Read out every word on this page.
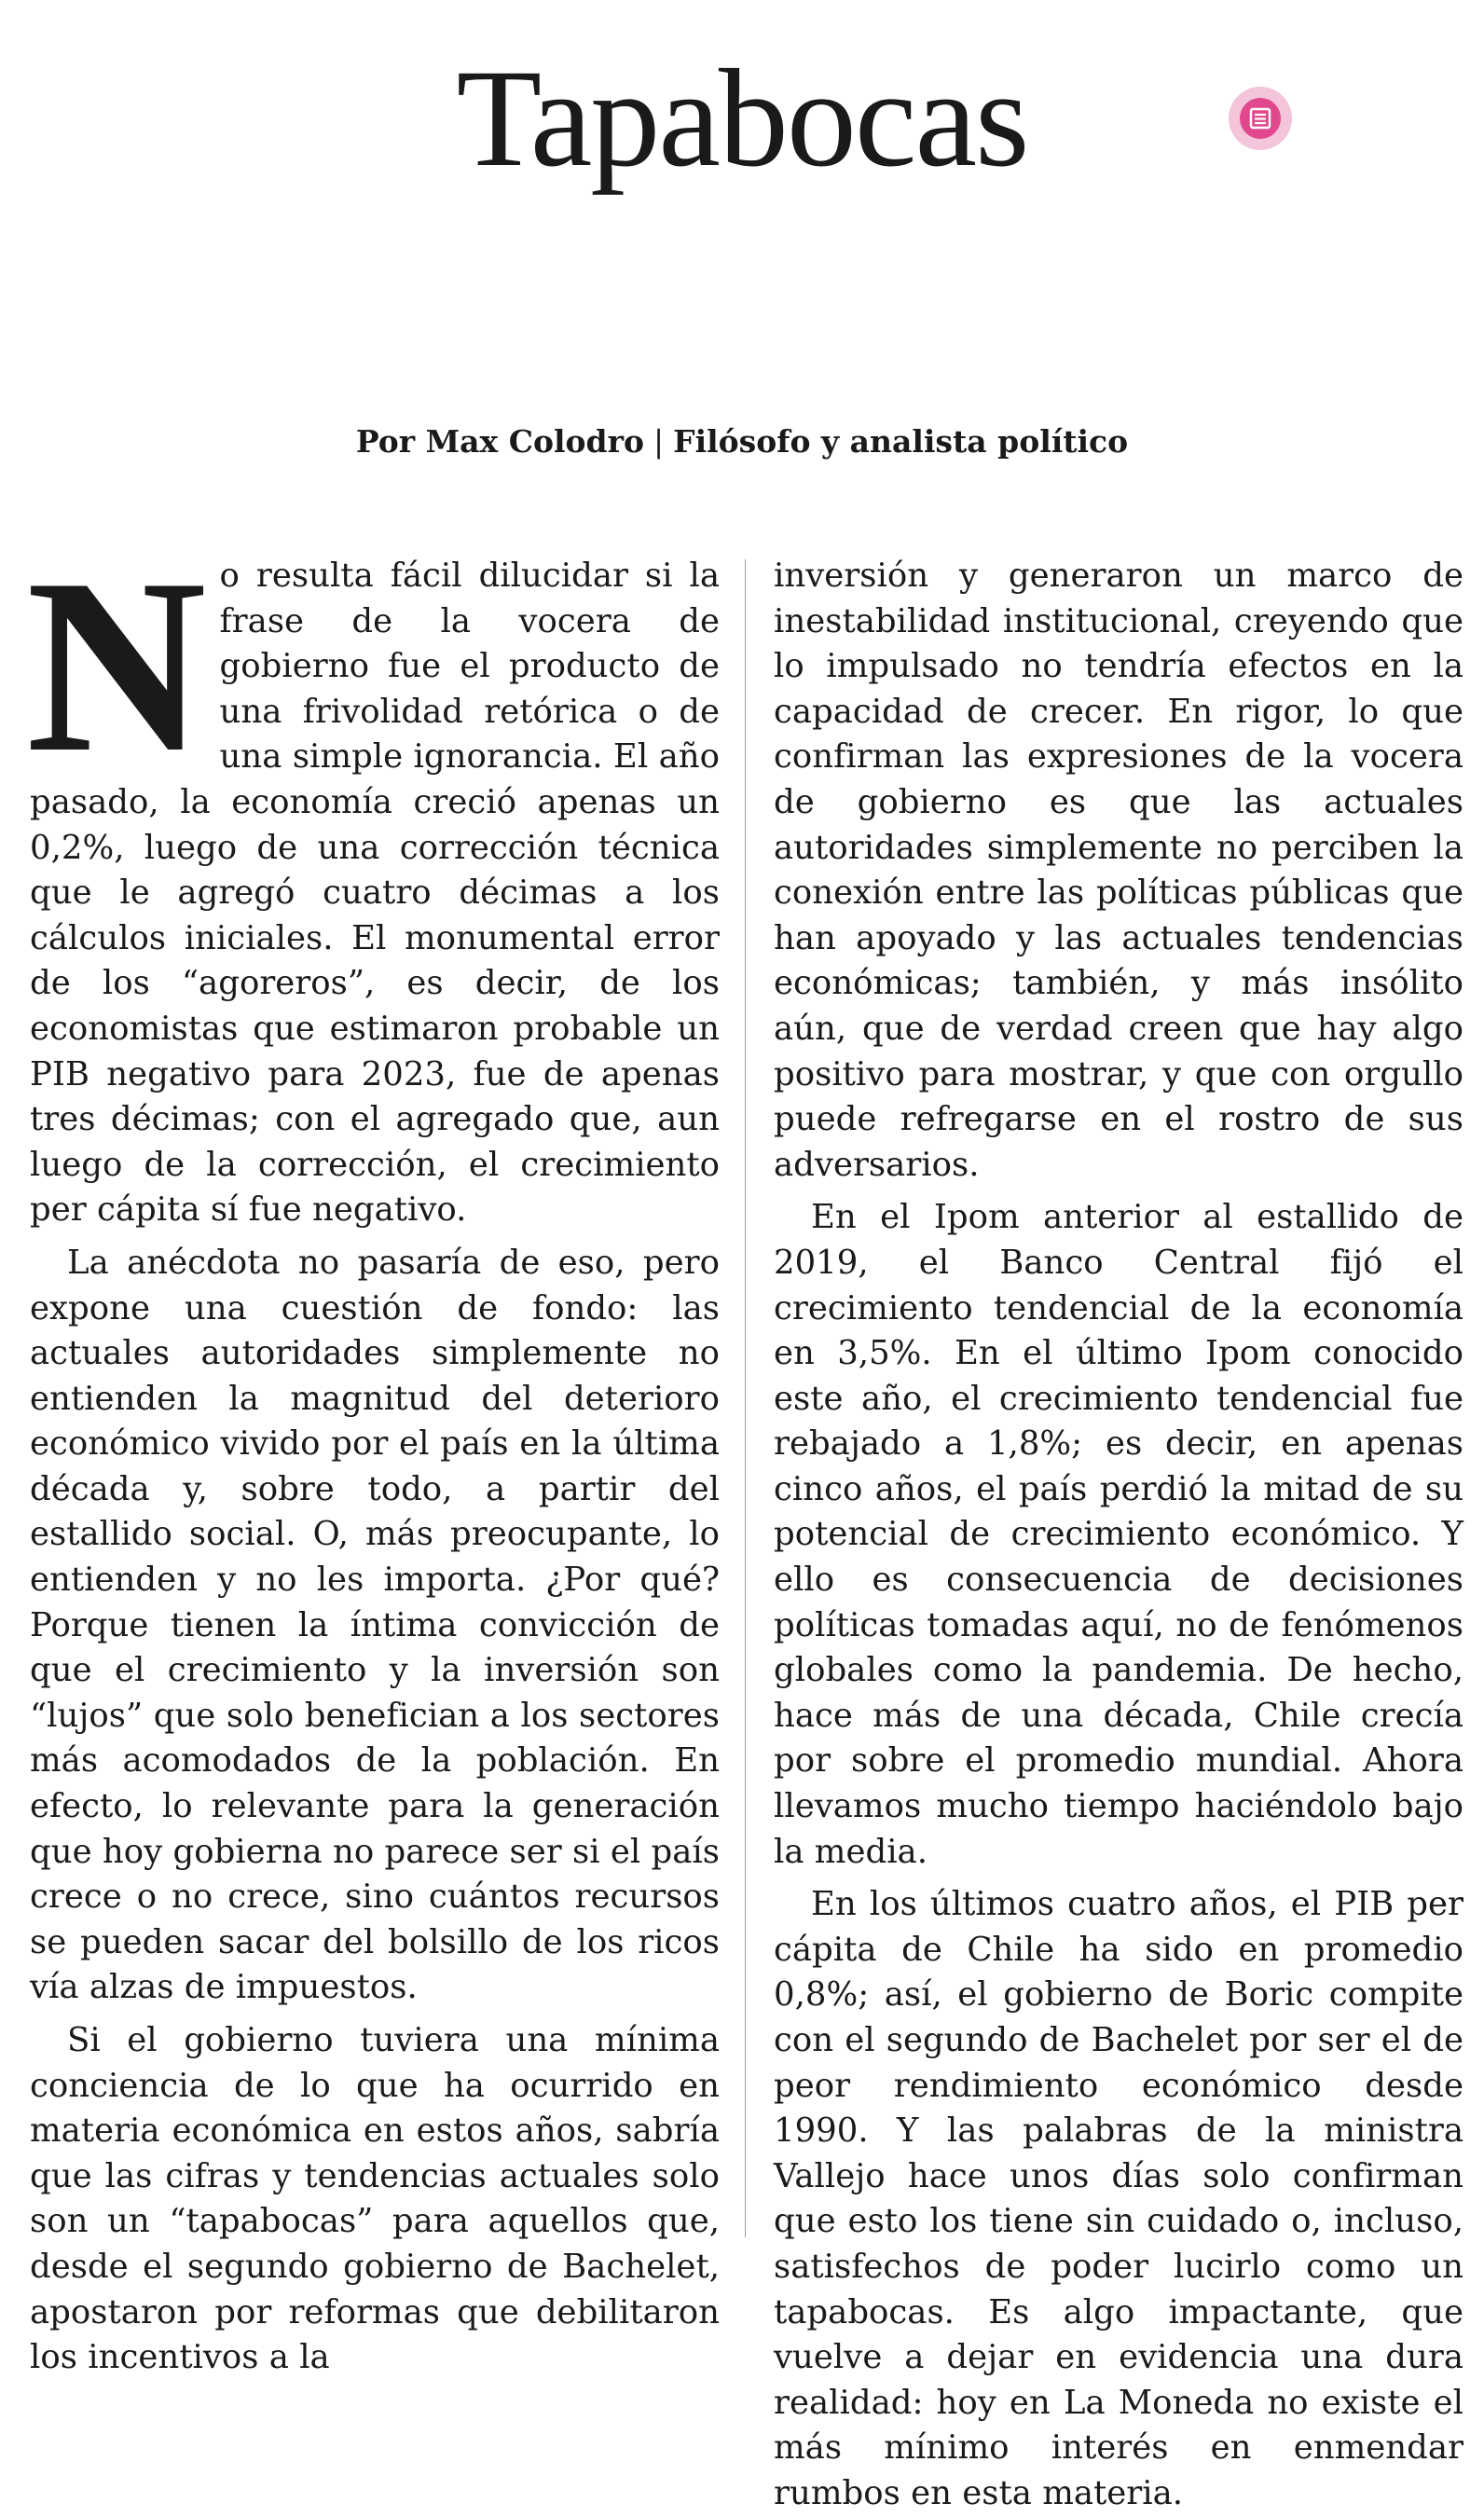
Tapabocas
Por Max Colodro | Filósofo y analista político

No resulta fácil dilucidar si la frase de la vocera de gobierno fue el producto de una frivolidad retórica o de una simple ignorancia. El año pasado, la economía creció apenas un 0,2%, luego de una corrección técnica que le agregó cuatro décimas a los cálculos iniciales. El monumental error de los “agoreros”, es decir, de los economistas que estimaron probable un PIB negativo para 2023, fue de apenas tres décimas; con el agregado que, aun luego de la corrección, el crecimiento per cápita sí fue negativo.

La anécdota no pasaría de eso, pero expone una cuestión de fondo: las actuales autoridades simplemente no entienden la magnitud del deterioro económico vivido por el país en la última década y, sobre todo, a partir del estallido social. O, más preocupante, lo entienden y no les importa. ¿Por qué? Porque tienen la íntima convicción de que el crecimiento y la inversión son “lujos” que solo benefician a los sectores más acomodados de la población. En efecto, lo relevante para la generación que hoy gobierna no parece ser si el país crece o no crece, sino cuántos recursos se pueden sacar del bolsillo de los ricos vía alzas de impuestos.

Si el gobierno tuviera una mínima conciencia de lo que ha ocurrido en materia económica en estos años, sabría que las cifras y tendencias actuales solo son un “tapabocas” para aquellos que, desde el segundo gobierno de Bachelet, apostaron por reformas que debilitaron los incentivos a la

inversión y generaron un marco de inestabilidad institucional, creyendo que lo impulsado no tendría efectos en la capacidad de crecer. En rigor, lo que confirman las expresiones de la vocera de gobierno es que las actuales autoridades simplemente no perciben la conexión entre las políticas públicas que han apoyado y las actuales tendencias económicas; también, y más insólito aún, que de verdad creen que hay algo positivo para mostrar, y que con orgullo puede refregarse en el rostro de sus adversarios.

En el Ipom anterior al estallido de 2019, el Banco Central fijó el crecimiento tendencial de la economía en 3,5%. En el último Ipom conocido este año, el crecimiento tendencial fue rebajado a 1,8%; es decir, en apenas cinco años, el país perdió la mitad de su potencial de crecimiento económico. Y ello es consecuencia de decisiones políticas tomadas aquí, no de fenómenos globales como la pandemia. De hecho, hace más de una década, Chile crecía por sobre el promedio mundial. Ahora llevamos mucho tiempo haciéndolo bajo la media.

En los últimos cuatro años, el PIB per cápita de Chile ha sido en promedio 0,8%; así, el gobierno de Boric compite con el segundo de Bachelet por ser el de peor rendimiento económico desde 1990. Y las palabras de la ministra Vallejo hace unos días solo confirman que esto los tiene sin cuidado o, incluso, satisfechos de poder lucirlo como un tapabocas. Es algo impactante, que vuelve a dejar en evidencia una dura realidad: hoy en La Moneda no existe el más mínimo interés en enmendar rumbos en esta materia.
